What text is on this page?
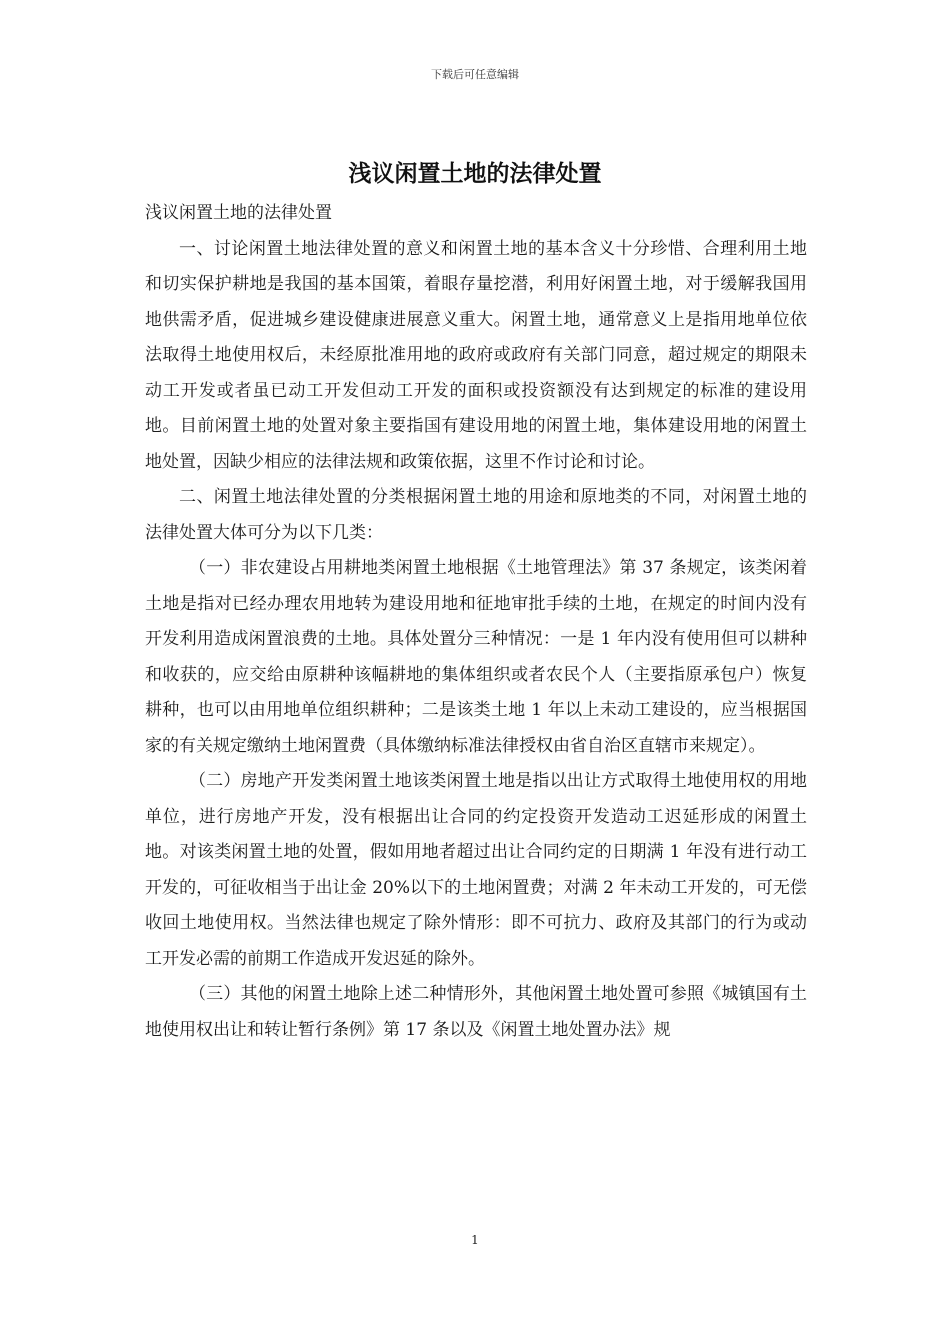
下载后可任意编辑
浅议闲置土地的法律处置

浅议闲置土地的法律处置

一、讨论闲置土地法律处置的意义和闲置土地的基本含义十分珍惜、合理利用土地和切实保护耕地是我国的基本国策，着眼存量挖潜，利用好闲置土地，对于缓解我国用地供需矛盾，促进城乡建设健康进展意义重大。闲置土地，通常意义上是指用地单位依法取得土地使用权后，未经原批准用地的政府或政府有关部门同意，超过规定的期限未动工开发或者虽已动工开发但动工开发的面积或投资额没有达到规定的标准的建设用地。目前闲置土地的处置对象主要指国有建设用地的闲置土地，集体建设用地的闲置土地处置，因缺少相应的法律法规和政策依据，这里不作讨论和讨论。

二、闲置土地法律处置的分类根据闲置土地的用途和原地类的不同，对闲置土地的法律处置大体可分为以下几类：

（一）非农建设占用耕地类闲置土地根据《土地管理法》第 37 条规定，该类闲着土地是指对已经办理农用地转为建设用地和征地审批手续的土地，在规定的时间内没有开发利用造成闲置浪费的土地。具体处置分三种情况：一是 1 年内没有使用但可以耕种和收获的，应交给由原耕种该幅耕地的集体组织或者农民个人（主要指原承包户）恢复耕种，也可以由用地单位组织耕种；二是该类土地 1 年以上未动工建设的，应当根据国家的有关规定缴纳土地闲置费（具体缴纳标准法律授权由省自治区直辖市来规定）。

（二）房地产开发类闲置土地该类闲置土地是指以出让方式取得土地使用权的用地单位，进行房地产开发，没有根据出让合同的约定投资开发造动工迟延形成的闲置土地。对该类闲置土地的处置，假如用地者超过出让合同约定的日期满 1 年没有进行动工开发的，可征收相当于出让金 20%以下的土地闲置费；对满 2 年未动工开发的，可无偿收回土地使用权。当然法律也规定了除外情形：即不可抗力、政府及其部门的行为或动工开发必需的前期工作造成开发迟延的除外。

（三）其他的闲置土地除上述二种情形外，其他闲置土地处置可参照《城镇国有土地使用权出让和转让暂行条例》第 17 条以及《闲置土地处置办法》规

1
